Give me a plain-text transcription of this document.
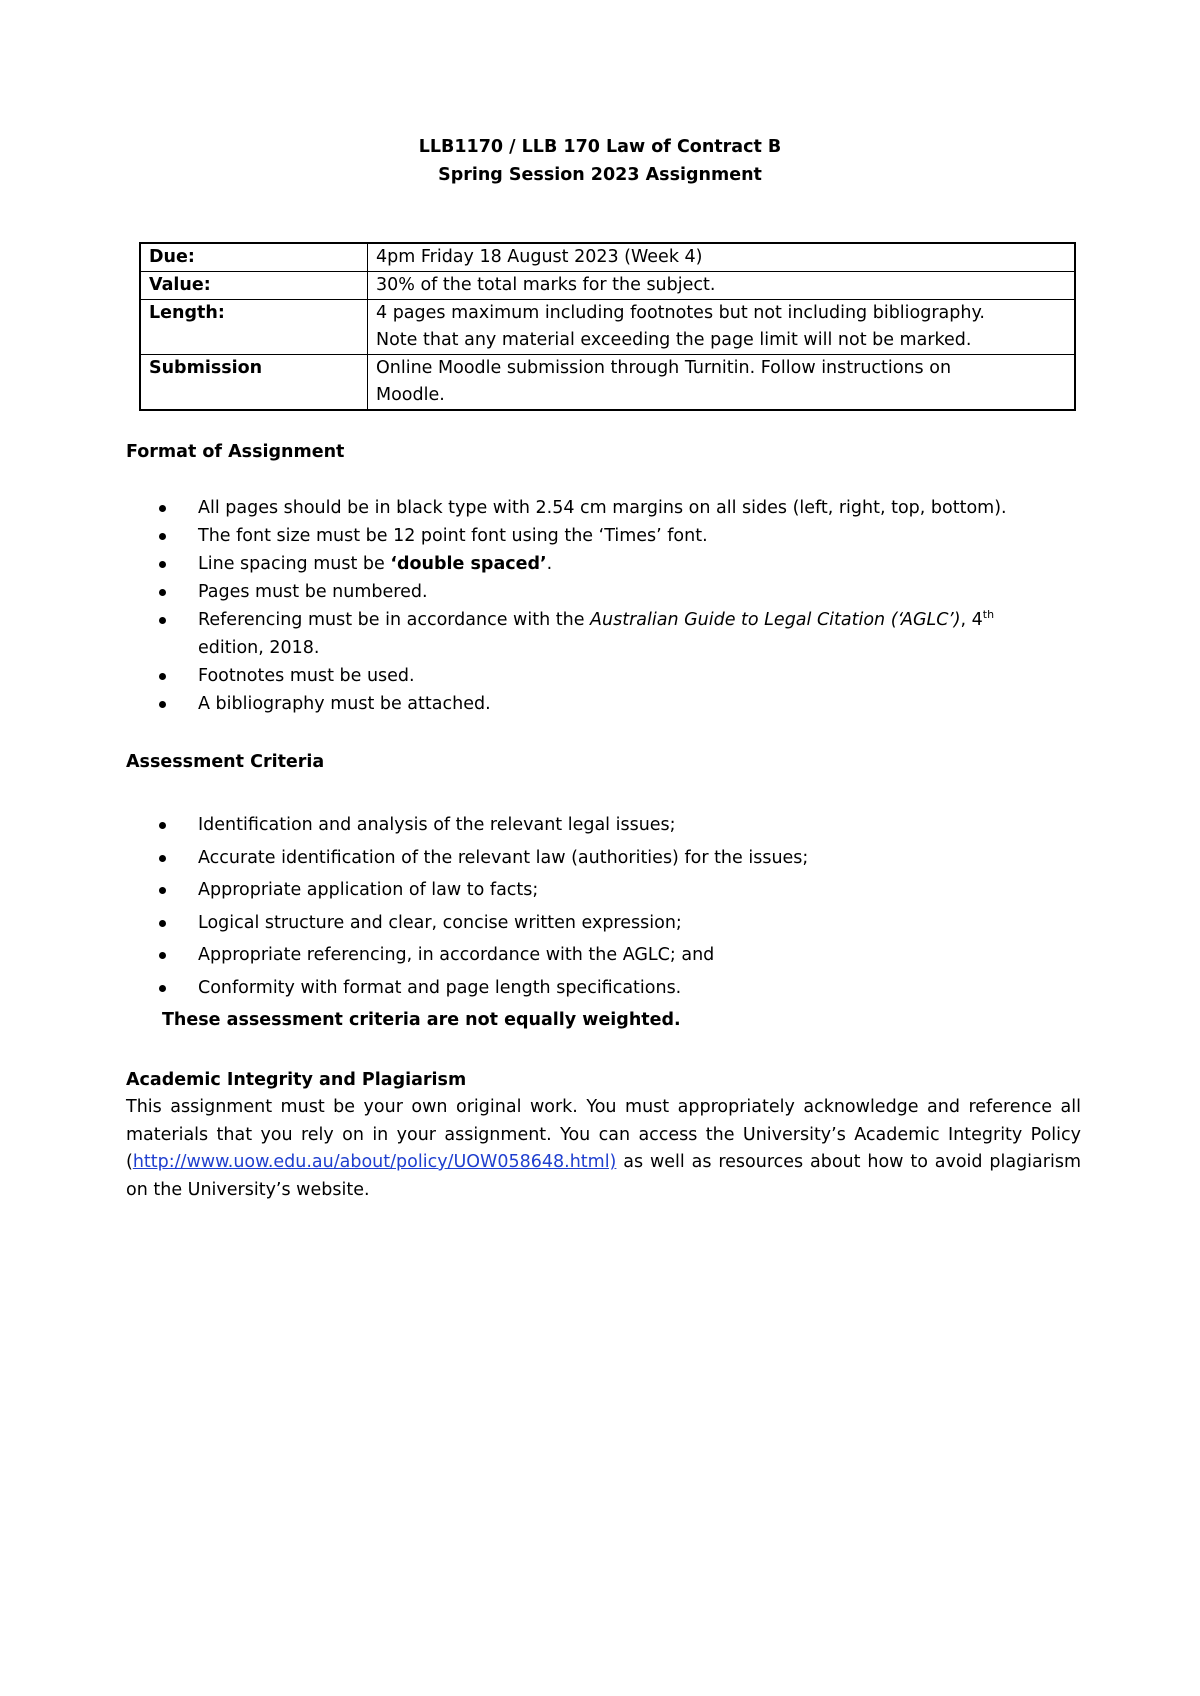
LLB1170 / LLB 170 Law of Contract B
Spring Session 2023 Assignment
Due:	4pm Friday 18 August 2023 (Week 4)
Value:	30% of the total marks for the subject.
Length:	4 pages maximum including footnotes but not including bibliography.
Note that any material exceeding the page limit will not be marked.

Submission	Online Moodle submission through Turnitin. Follow instructions on
Moodle.
Format of Assignment
All pages should be in black type with 2.54 cm margins on all sides (left, right, top, bottom).
The font size must be 12 point font using the ‘Times’ font.
Line spacing must be ‘double spaced’.
Pages must be numbered.
Referencing must be in accordance with the Australian Guide to Legal Citation (‘AGLC’), 4th
edition, 2018.
Footnotes must be used.
A bibliography must be attached.
Assessment Criteria
Identification and analysis of the relevant legal issues;
Accurate identification of the relevant law (authorities) for the issues;
Appropriate application of law to facts;
Logical structure and clear, concise written expression;
Appropriate referencing, in accordance with the AGLC; and
Conformity with format and page length specifications.
These assessment criteria are not equally weighted.
Academic Integrity and Plagiarism

This assignment must be your own original work. You must appropriately acknowledge and reference all materials that you rely on in your assignment. You can access the University’s Academic Integrity Policy (http://www.uow.edu.au/about/policy/UOW058648.html) as well as resources about how to avoid plagiarism on the University’s website.
